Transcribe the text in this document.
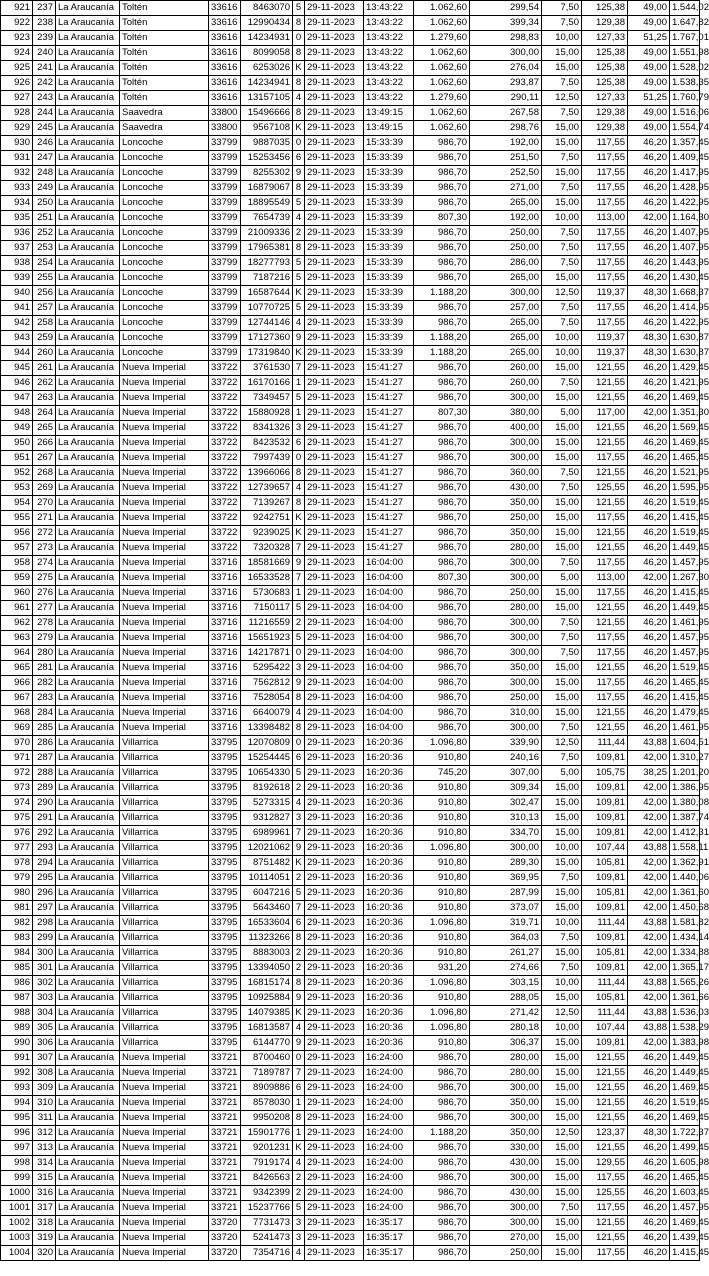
921	237	La Araucanía	Toltén	33616	8463070	5	29-11-2023	13:43:22	1.062,60	299,54	7,50	125,38	49,00	1.544,02
922	238	La Araucanía	Toltén	33616	12990434	8	29-11-2023	13:43:22	1.062,60	399,34	7,50	129,38	49,00	1.647,82
923	239	La Araucanía	Toltén	33616	14234931	0	29-11-2023	13:43:22	1.279,60	298,83	10,00	127,33	51,25	1.767,01
924	240	La Araucanía	Toltén	33616	8099058	8	29-11-2023	13:43:22	1.062,60	300,00	15,00	125,38	49,00	1.551,98
925	241	La Araucanía	Toltén	33616	6253026	K	29-11-2023	13:43:22	1.062,60	276,04	15,00	125,38	49,00	1.528,02
926	242	La Araucanía	Toltén	33616	14234941	8	29-11-2023	13:43:22	1.062,60	293,87	7,50	125,38	49,00	1.538,35
927	243	La Araucanía	Toltén	33616	13157105	4	29-11-2023	13:43:22	1.279,60	290,11	12,50	127,33	51,25	1.760,79
928	244	La Araucanía	Saavedra	33800	15496666	8	29-11-2023	13:49:15	1.062,60	267,58	7,50	129,38	49,00	1.516,06
929	245	La Araucanía	Saavedra	33800	9567108	K	29-11-2023	13:49:15	1.062,60	298,76	15,00	129,38	49,00	1.554,74
930	246	La Araucanía	Loncoche	33799	9887035	0	29-11-2023	15:33:39	986,70	192,00	15,00	117,55	46,20	1.357,45
931	247	La Araucanía	Loncoche	33799	15253456	6	29-11-2023	15:33:39	986,70	251,50	7,50	117,55	46,20	1.409,45
932	248	La Araucanía	Loncoche	33799	8255302	9	29-11-2023	15:33:39	986,70	252,50	15,00	117,55	46,20	1.417,95
933	249	La Araucanía	Loncoche	33799	16879067	8	29-11-2023	15:33:39	986,70	271,00	7,50	117,55	46,20	1.428,95
934	250	La Araucanía	Loncoche	33799	18895549	5	29-11-2023	15:33:39	986,70	265,00	15,00	117,55	46,20	1.422,95
935	251	La Araucanía	Loncoche	33799	7654739	4	29-11-2023	15:33:39	807,30	192,00	10,00	113,00	42,00	1.164,30
936	252	La Araucanía	Loncoche	33799	21009336	2	29-11-2023	15:33:39	986,70	250,00	7,50	117,55	46,20	1.407,95
937	253	La Araucanía	Loncoche	33799	17965381	8	29-11-2023	15:33:39	986,70	250,00	7,50	117,55	46,20	1.407,95
938	254	La Araucanía	Loncoche	33799	18277793	5	29-11-2023	15:33:39	986,70	286,00	7,50	117,55	46,20	1.443,95
939	255	La Araucanía	Loncoche	33799	7187216	5	29-11-2023	15:33:39	986,70	265,00	15,00	117,55	46,20	1.430,45
940	256	La Araucanía	Loncoche	33799	16587644	K	29-11-2023	15:33:39	1.188,20	300,00	12,50	119,37	48,30	1.668,37
941	257	La Araucanía	Loncoche	33799	10770725	5	29-11-2023	15:33:39	986,70	257,00	7,50	117,55	46,20	1.414,95
942	258	La Araucanía	Loncoche	33799	12744146	4	29-11-2023	15:33:39	986,70	265,00	7,50	117,55	46,20	1.422,95
943	259	La Araucanía	Loncoche	33799	17127360	9	29-11-2023	15:33:39	1.188,20	265,00	10,00	119,37	48,30	1.630,87
944	260	La Araucanía	Loncoche	33799	17319840	K	29-11-2023	15:33:39	1.188,20	265,00	10,00	119,37	48,30	1.630,87
945	261	La Araucanía	Nueva Imperial	33722	3761530	7	29-11-2023	15:41:27	986,70	260,00	15,00	121,55	46,20	1.429,45
946	262	La Araucanía	Nueva Imperial	33722	16170166	1	29-11-2023	15:41:27	986,70	260,00	7,50	121,55	46,20	1.421,95
947	263	La Araucanía	Nueva Imperial	33722	7349457	5	29-11-2023	15:41:27	986,70	300,00	15,00	121,55	46,20	1.469,45
948	264	La Araucanía	Nueva Imperial	33722	15880928	1	29-11-2023	15:41:27	807,30	380,00	5,00	117,00	42,00	1.351,30
949	265	La Araucanía	Nueva Imperial	33722	8341326	3	29-11-2023	15:41:27	986,70	400,00	15,00	121,55	46,20	1.569,45
950	266	La Araucanía	Nueva Imperial	33722	8423532	6	29-11-2023	15:41:27	986,70	300,00	15,00	121,55	46,20	1.469,45
951	267	La Araucanía	Nueva Imperial	33722	7997439	0	29-11-2023	15:41:27	986,70	300,00	15,00	117,55	46,20	1.465,45
952	268	La Araucanía	Nueva Imperial	33722	13966066	8	29-11-2023	15:41:27	986,70	360,00	7,50	121,55	46,20	1.521,95
953	269	La Araucanía	Nueva Imperial	33722	12739657	4	29-11-2023	15:41:27	986,70	430,00	7,50	125,55	46,20	1.595,95
954	270	La Araucanía	Nueva Imperial	33722	7139267	8	29-11-2023	15:41:27	986,70	350,00	15,00	121,55	46,20	1.519,45
955	271	La Araucanía	Nueva Imperial	33722	9242751	K	29-11-2023	15:41:27	986,70	250,00	15,00	117,55	46,20	1.415,45
956	272	La Araucanía	Nueva Imperial	33722	9239025	K	29-11-2023	15:41:27	986,70	350,00	15,00	121,55	46,20	1.519,45
957	273	La Araucanía	Nueva Imperial	33722	7320328	7	29-11-2023	15:41:27	986,70	280,00	15,00	121,55	46,20	1.449,45
958	274	La Araucanía	Nueva Imperial	33716	18581669	9	29-11-2023	16:04:00	986,70	300,00	7,50	117,55	46,20	1.457,95
959	275	La Araucanía	Nueva Imperial	33716	16533528	7	29-11-2023	16:04:00	807,30	300,00	5,00	113,00	42,00	1.267,30
960	276	La Araucanía	Nueva Imperial	33716	5730683	1	29-11-2023	16:04:00	986,70	250,00	15,00	117,55	46,20	1.415,45
961	277	La Araucanía	Nueva Imperial	33716	7150117	5	29-11-2023	16:04:00	986,70	280,00	15,00	121,55	46,20	1.449,45
962	278	La Araucanía	Nueva Imperial	33716	11216559	2	29-11-2023	16:04:00	986,70	300,00	7,50	121,55	46,20	1.461,95
963	279	La Araucanía	Nueva Imperial	33716	15651923	5	29-11-2023	16:04:00	986,70	300,00	7,50	117,55	46,20	1.457,95
964	280	La Araucanía	Nueva Imperial	33716	14217871	0	29-11-2023	16:04:00	986,70	300,00	7,50	117,55	46,20	1.457,95
965	281	La Araucanía	Nueva Imperial	33716	5295422	3	29-11-2023	16:04:00	986,70	350,00	15,00	121,55	46,20	1.519,45
966	282	La Araucanía	Nueva Imperial	33716	7562812	9	29-11-2023	16:04:00	986,70	300,00	15,00	117,55	46,20	1.465,45
967	283	La Araucanía	Nueva Imperial	33716	7528054	8	29-11-2023	16:04:00	986,70	250,00	15,00	117,55	46,20	1.415,45
968	284	La Araucanía	Nueva Imperial	33716	6640079	4	29-11-2023	16:04:00	986,70	310,00	15,00	121,55	46,20	1.479,45
969	285	La Araucanía	Nueva Imperial	33716	13398482	8	29-11-2023	16:04:00	986,70	300,00	7,50	121,55	46,20	1.461,95
970	286	La Araucanía	Villarrica	33795	12070809	0	29-11-2023	16:20:36	1.096,80	339,90	12,50	111,44	43,88	1.604,51
971	287	La Araucanía	Villarrica	33795	15254445	6	29-11-2023	16:20:36	910,80	240,16	7,50	109,81	42,00	1.310,27
972	288	La Araucanía	Villarrica	33795	10654330	5	29-11-2023	16:20:36	745,20	307,00	5,00	105,75	38,25	1.201,20
973	289	La Araucanía	Villarrica	33795	8192618	2	29-11-2023	16:20:36	910,80	309,34	15,00	109,81	42,00	1.386,95
974	290	La Araucanía	Villarrica	33795	5273315	4	29-11-2023	16:20:36	910,80	302,47	15,00	109,81	42,00	1.380,08
975	291	La Araucanía	Villarrica	33795	9312827	3	29-11-2023	16:20:36	910,80	310,13	15,00	109,81	42,00	1.387,74
976	292	La Araucanía	Villarrica	33795	6989961	7	29-11-2023	16:20:36	910,80	334,70	15,00	109,81	42,00	1.412,31
977	293	La Araucanía	Villarrica	33795	12021062	9	29-11-2023	16:20:36	1.096,80	300,00	10,00	107,44	43,88	1.558,11
978	294	La Araucanía	Villarrica	33795	8751482	K	29-11-2023	16:20:36	910,80	289,30	15,00	105,81	42,00	1.362,91
979	295	La Araucanía	Villarrica	33795	10114051	2	29-11-2023	16:20:36	910,80	369,95	7,50	109,81	42,00	1.440,06
980	296	La Araucanía	Villarrica	33795	6047216	5	29-11-2023	16:20:36	910,80	287,99	15,00	105,81	42,00	1.361,60
981	297	La Araucanía	Villarrica	33795	5643460	7	29-11-2023	16:20:36	910,80	373,07	15,00	109,81	42,00	1.450,68
982	298	La Araucanía	Villarrica	33795	16533604	6	29-11-2023	16:20:36	1.096,80	319,71	10,00	111,44	43,88	1.581,82
983	299	La Araucanía	Villarrica	33795	11323266	8	29-11-2023	16:20:36	910,80	364,03	7,50	109,81	42,00	1.434,14
984	300	La Araucanía	Villarrica	33795	8883003	2	29-11-2023	16:20:36	910,80	261,27	15,00	105,81	42,00	1.334,88
985	301	La Araucanía	Villarrica	33795	13394050	2	29-11-2023	16:20:36	931,20	274,66	7,50	109,81	42,00	1.365,17
986	302	La Araucanía	Villarrica	33795	16815174	8	29-11-2023	16:20:36	1.096,80	303,15	10,00	111,44	43,88	1.565,26
987	303	La Araucanía	Villarrica	33795	10925884	9	29-11-2023	16:20:36	910,80	288,05	15,00	105,81	42,00	1.361,66
988	304	La Araucanía	Villarrica	33795	14079385	K	29-11-2023	16:20:36	1.096,80	271,42	12,50	111,44	43,88	1.536,03
989	305	La Araucanía	Villarrica	33795	16813587	4	29-11-2023	16:20:36	1.096,80	280,18	10,00	107,44	43,88	1.538,29
990	306	La Araucanía	Villarrica	33795	6144770	9	29-11-2023	16:20:36	910,80	306,37	15,00	109,81	42,00	1.383,98
991	307	La Araucanía	Nueva Imperial	33721	8700460	0	29-11-2023	16:24:00	986,70	280,00	15,00	121,55	46,20	1.449,45
992	308	La Araucanía	Nueva Imperial	33721	7189787	7	29-11-2023	16:24:00	986,70	280,00	15,00	121,55	46,20	1.449,45
993	309	La Araucanía	Nueva Imperial	33721	8909886	6	29-11-2023	16:24:00	986,70	300,00	15,00	121,55	46,20	1.469,45
994	310	La Araucanía	Nueva Imperial	33721	8578030	1	29-11-2023	16:24:00	986,70	350,00	15,00	121,55	46,20	1.519,45
995	311	La Araucanía	Nueva Imperial	33721	9950208	8	29-11-2023	16:24:00	986,70	300,00	15,00	121,55	46,20	1.469,45
996	312	La Araucanía	Nueva Imperial	33721	15901776	1	29-11-2023	16:24:00	1.188,20	350,00	12,50	123,37	48,30	1.722,37
997	313	La Araucanía	Nueva Imperial	33721	9201231	K	29-11-2023	16:24:00	986,70	330,00	15,00	121,55	46,20	1.499,45
998	314	La Araucanía	Nueva Imperial	33721	7919174	4	29-11-2023	16:24:00	986,70	430,00	15,00	129,55	46,20	1.605,98
999	315	La Araucanía	Nueva Imperial	33721	8426563	2	29-11-2023	16:24:00	986,70	300,00	15,00	117,55	46,20	1.465,45
1000	316	La Araucanía	Nueva Imperial	33721	9342399	2	29-11-2023	16:24:00	986,70	430,00	15,00	125,55	46,20	1.603,45
1001	317	La Araucanía	Nueva Imperial	33721	15237766	5	29-11-2023	16:24:00	986,70	300,00	7,50	117,55	46,20	1.457,95
1002	318	La Araucanía	Nueva Imperial	33720	7731473	3	29-11-2023	16:35:17	986,70	300,00	15,00	121,55	46,20	1.469,45
1003	319	La Araucanía	Nueva Imperial	33720	5241473	3	29-11-2023	16:35:17	986,70	270,00	15,00	121,55	46,20	1.439,45
1004	320	La Araucanía	Nueva Imperial	33720	7354716	4	29-11-2023	16:35:17	986,70	250,00	15,00	117,55	46,20	1.415,45
